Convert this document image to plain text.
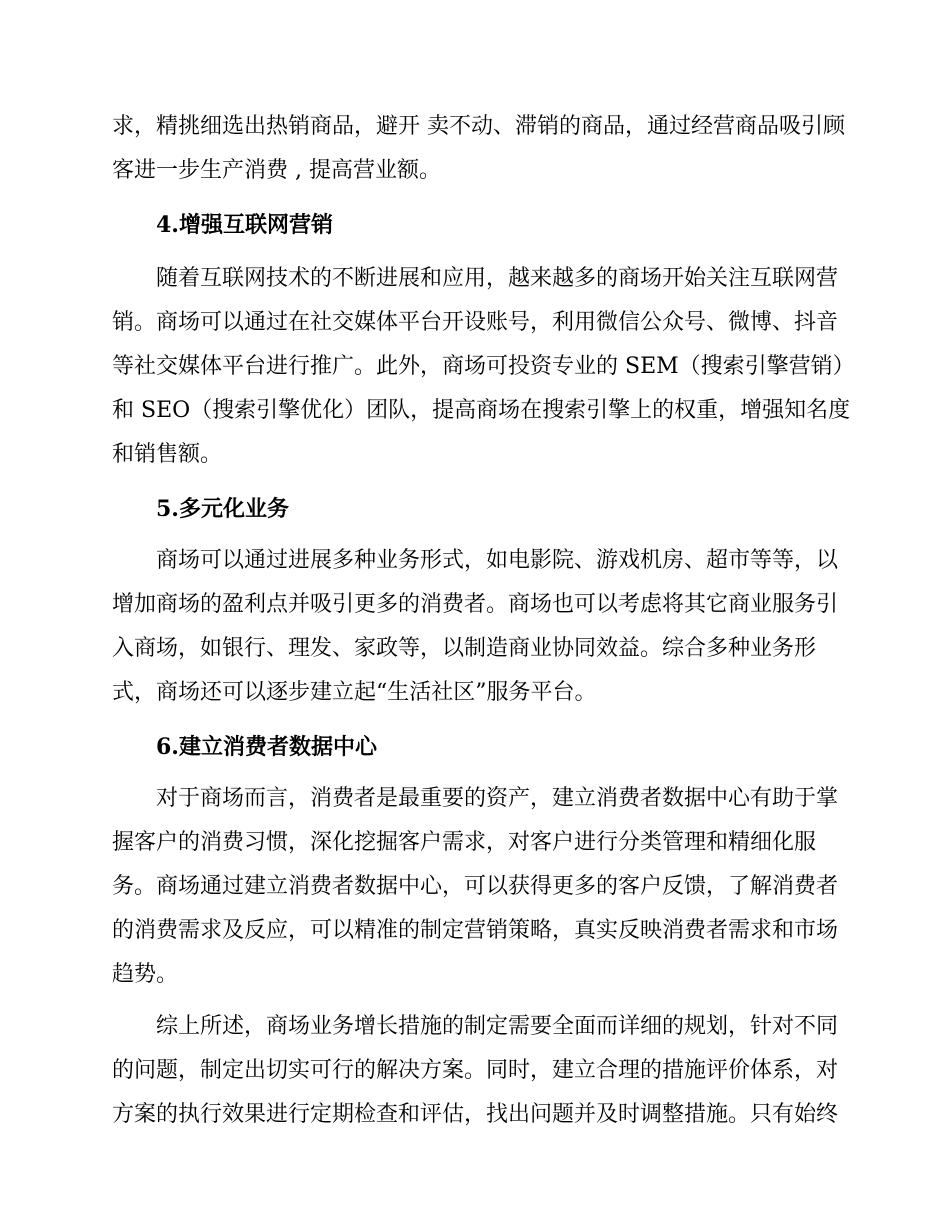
求，精挑细选出热销商品，避开 卖不动、滞销的商品，通过经营商品吸引顾
客进一步生产消费 , 提高营业额。
4.增强互联网营销
随着互联网技术的不断进展和应用，越来越多的商场开始关注互联网营
销。商场可以通过在社交媒体平台开设账号，利用微信公众号、微博、抖音
等社交媒体平台进行推广。此外，商场可投资专业的 SEM（搜索引擎营销）
和 SEO（搜索引擎优化）团队，提高商场在搜索引擎上的权重，增强知名度
和销售额。
5.多元化业务
商场可以通过进展多种业务形式，如电影院、游戏机房、超市等等，以
增加商场的盈利点并吸引更多的消费者。商场也可以考虑将其它商业服务引
入商场，如银行、理发、家政等，以制造商业协同效益。综合多种业务形
式，商场还可以逐步建立起“生活社区”服务平台。
6.建立消费者数据中心
对于商场而言，消费者是最重要的资产，建立消费者数据中心有助于掌
握客户的消费习惯，深化挖掘客户需求，对客户进行分类管理和精细化服
务。商场通过建立消费者数据中心，可以获得更多的客户反馈，了解消费者
的消费需求及反应，可以精准的制定营销策略，真实反映消费者需求和市场
趋势。
综上所述，商场业务增长措施的制定需要全面而详细的规划，针对不同
的问题，制定出切实可行的解决方案。同时，建立合理的措施评价体系，对
方案的执行效果进行定期检查和评估，找出问题并及时调整措施。只有始终
